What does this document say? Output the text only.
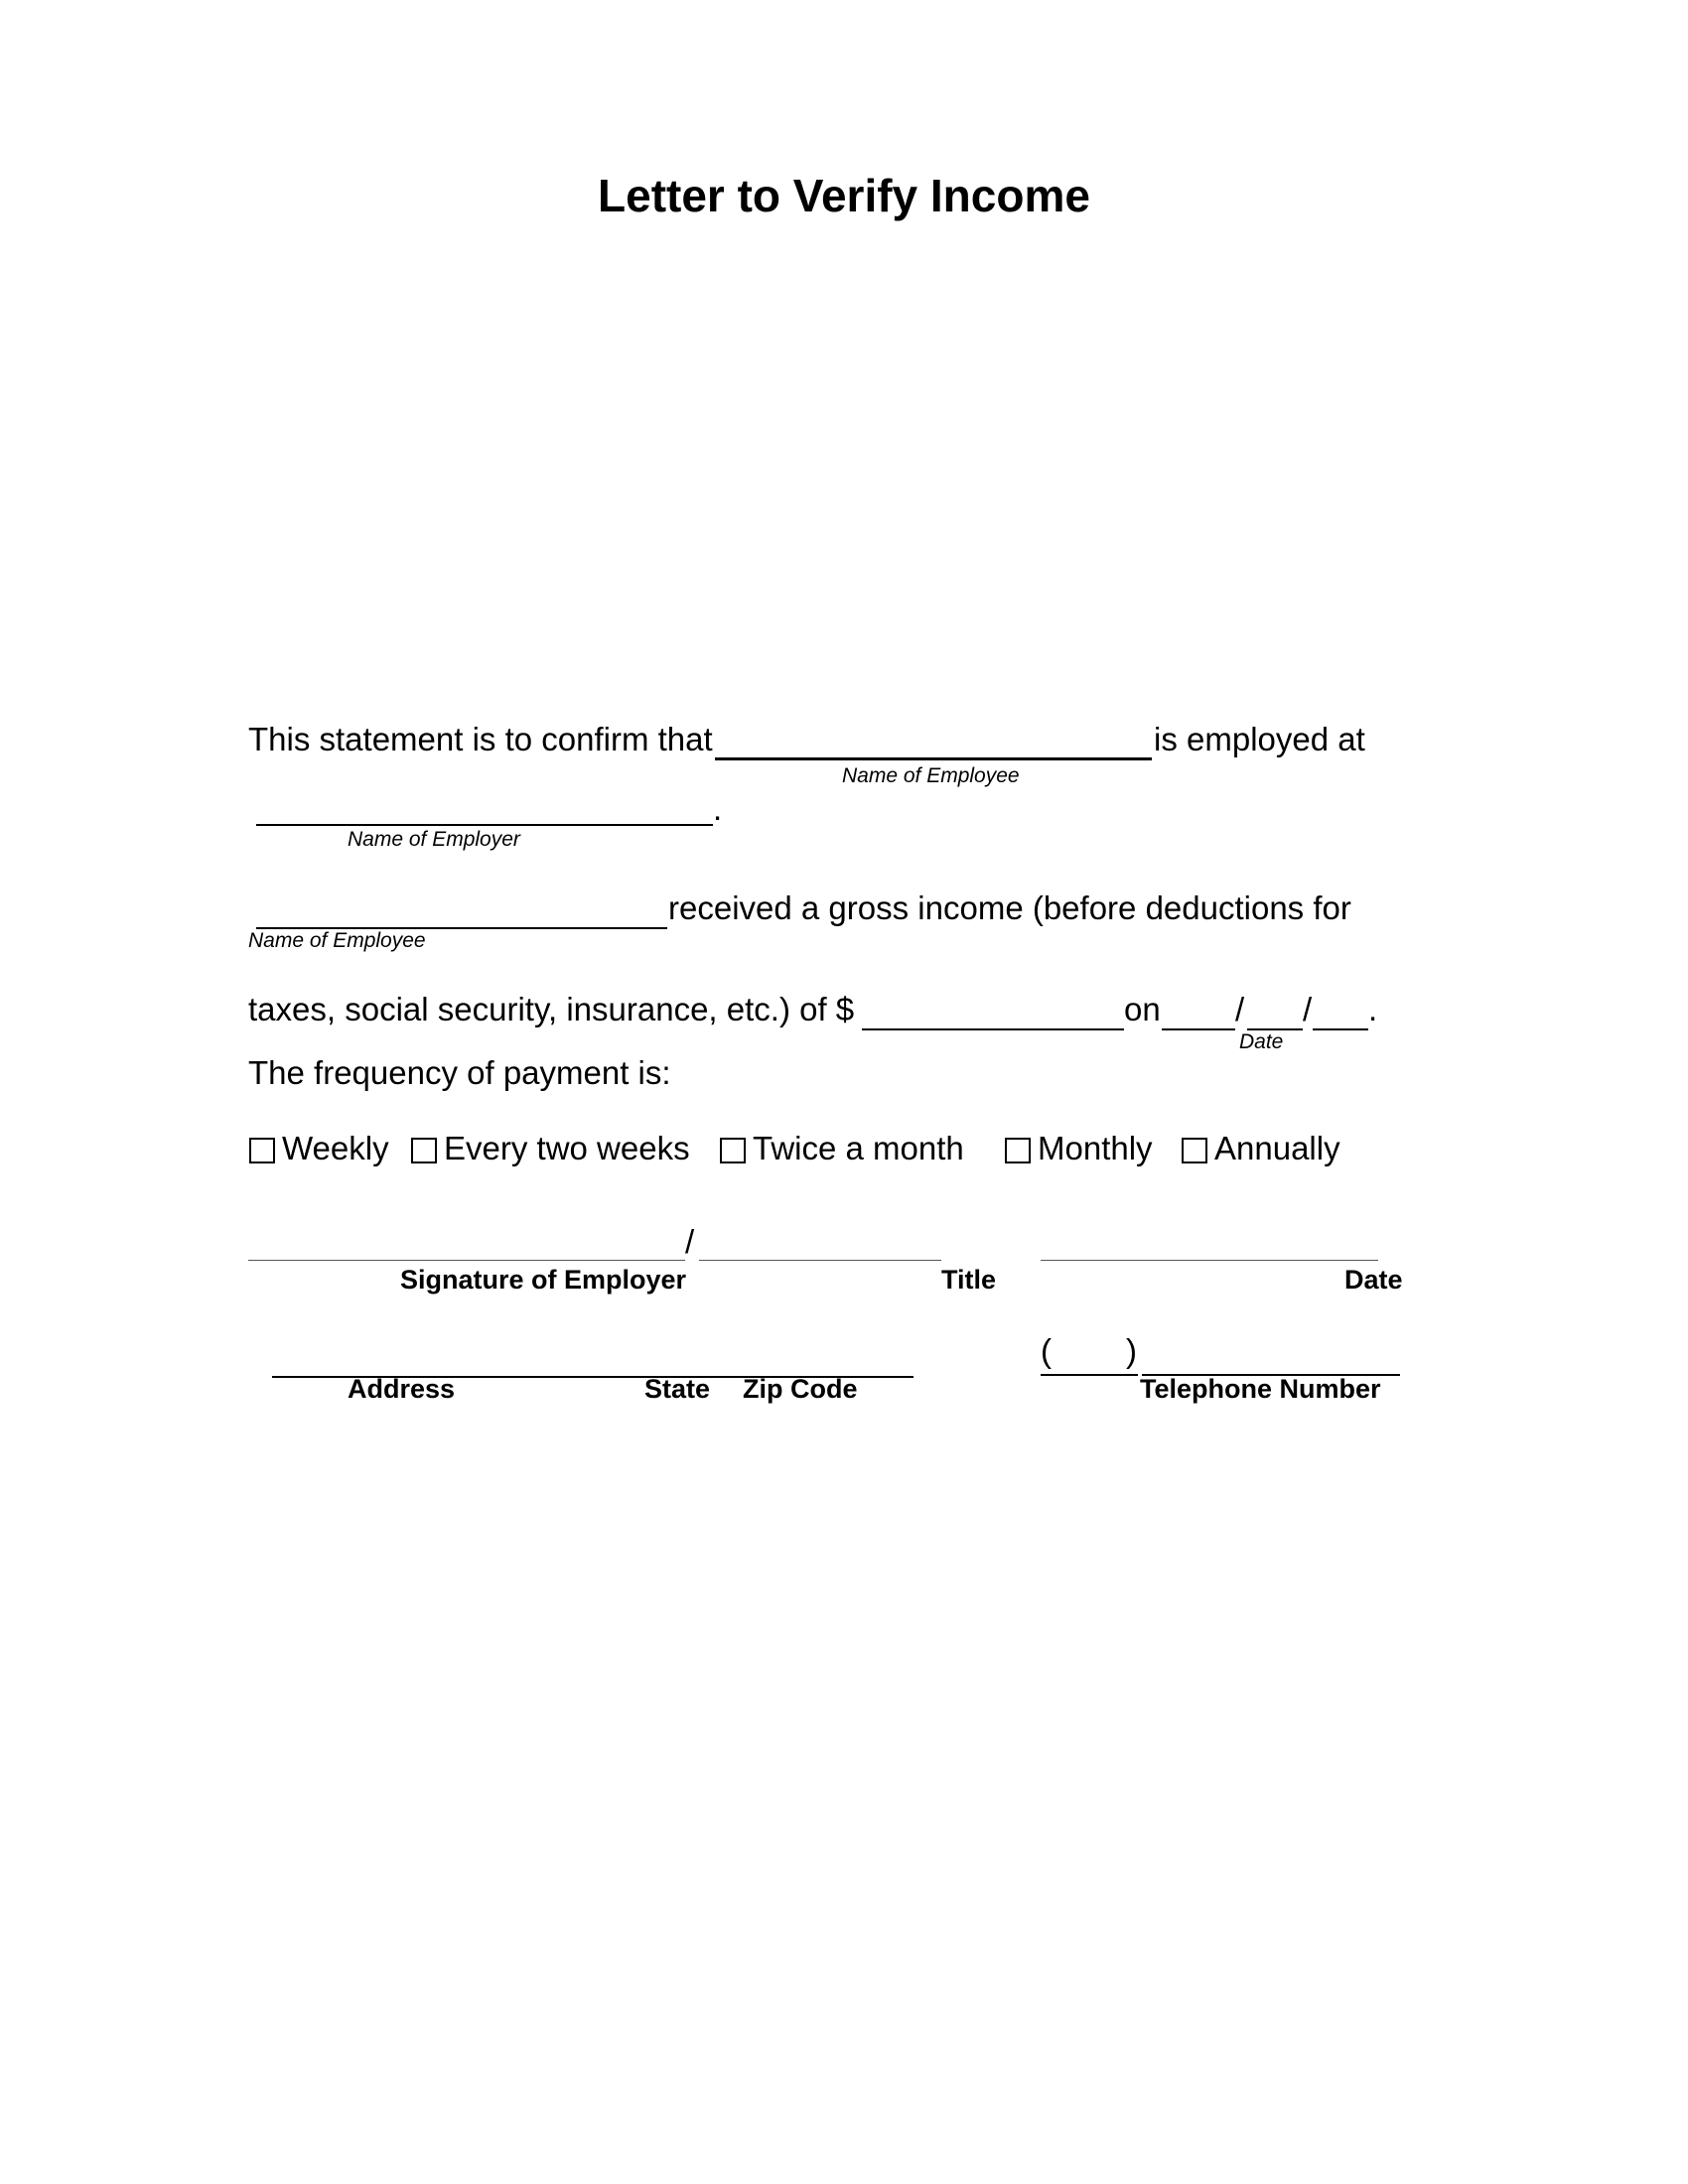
Letter to Verify Income
This statement is to confirm that	is employed at
Name of Employee
.
Name of Employer
received a gross income (before deductions for
Name of Employee
taxes, social security, insurance, etc.) of $	on / / .
Date
The frequency of payment is:
Weekly Every two weeks Twice a month Monthly Annually
/
Signature of Employer	Title	Date
Address	State Zip Code
( )
Telephone Number
